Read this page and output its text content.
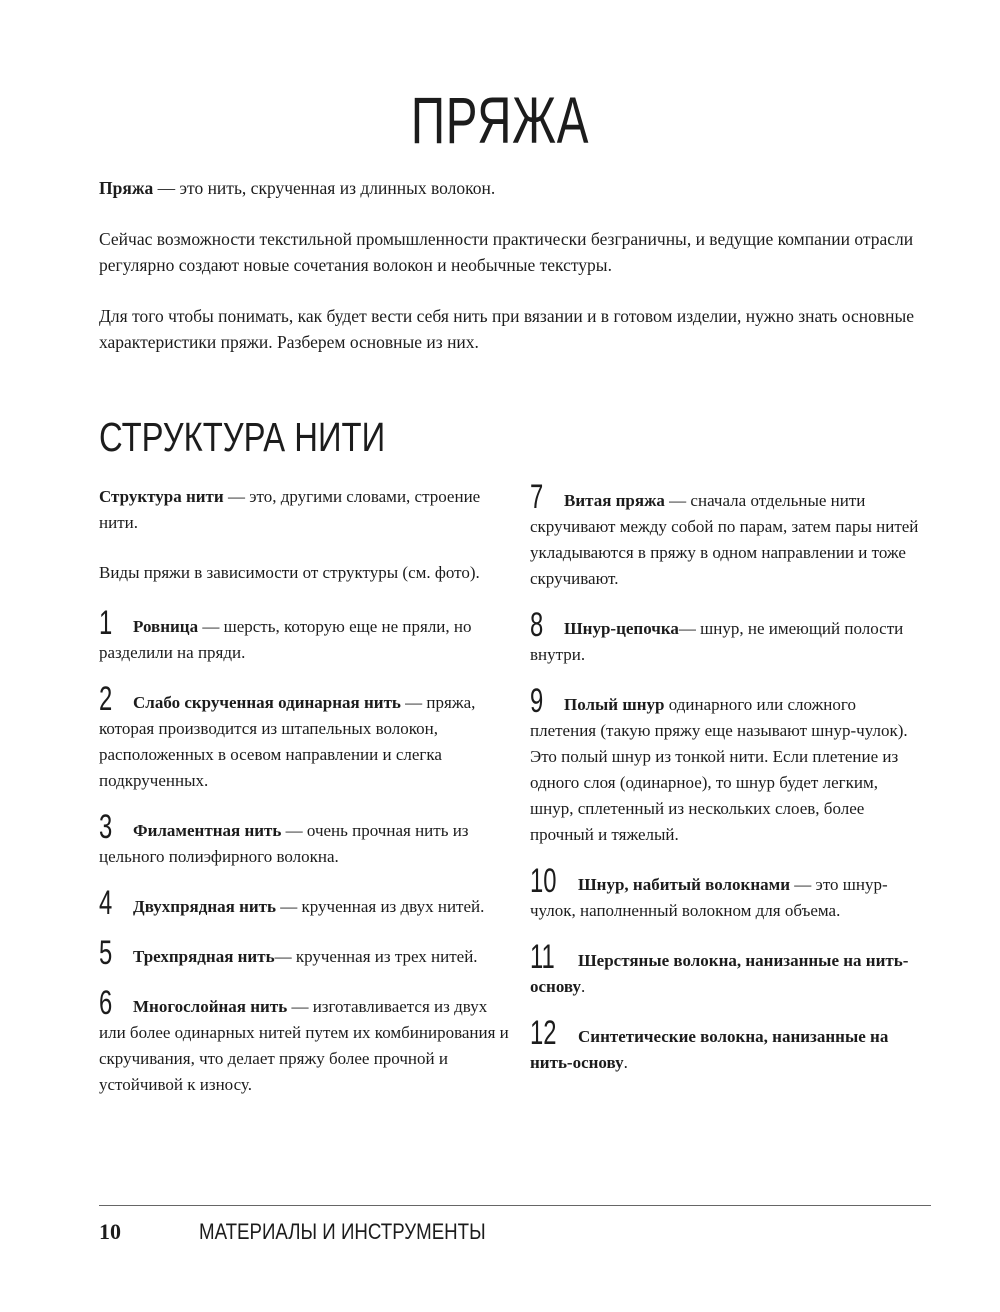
ПРЯЖА

Пряжа — это нить, скрученная из длинных волокон.

Сейчас возможности текстильной промышленности практически безграничны, и ведущие компании отрасли регулярно создают новые сочетания волокон и необычные текстуры.

Для того чтобы понимать, как будет вести себя нить при вязании и в готовом изделии, нужно знать основные характеристики пряжи. Разберем основные из них.

СТРУКТУРА НИТИ

Структура нити — это, другими словами, строение нити.

Виды пряжи в зависимости от структуры (см. фото).

1 Ровница — шерсть, которую еще не пряли, но разделили на пряди.
2 Слабо скрученная одинарная нить — пряжа, которая производится из штапельных волокон, расположенных в осевом направлении и слегка подкрученных.
3 Филаментная нить — очень прочная нить из цельного полиэфирного волокна.
4 Двухпрядная нить — крученная из двух нитей.
5 Трехпрядная нить— крученная из трех нитей.
6 Многослойная нить — изготавливается из двух или более одинарных нитей путем их комбинирования и скручивания, что делает пряжу более прочной и устойчивой к износу.
7 Витая пряжа — сначала отдельные нити скручивают между собой по парам, затем пары нитей укладываются в пряжу в одном направлении и тоже скручивают.
8 Шнур-цепочка— шнур, не имеющий полости внутри.
9 Полый шнур одинарного или сложного плетения (такую пряжу еще называют шнур-чулок). Это полый шнур из тонкой нити. Если плетение из одного слоя (одинарное), то шнур будет легким, шнур, сплетенный из нескольких слоев, более прочный и тяжелый.
10 Шнур, набитый волокнами — это шнур-чулок, наполненный волокном для объема.
11 Шерстяные волокна, нанизанные на нить-основу.
12 Синтетические волокна, нанизанные на нить-основу.
10	МАТЕРИАЛЫ И ИНСТРУМЕНТЫ
